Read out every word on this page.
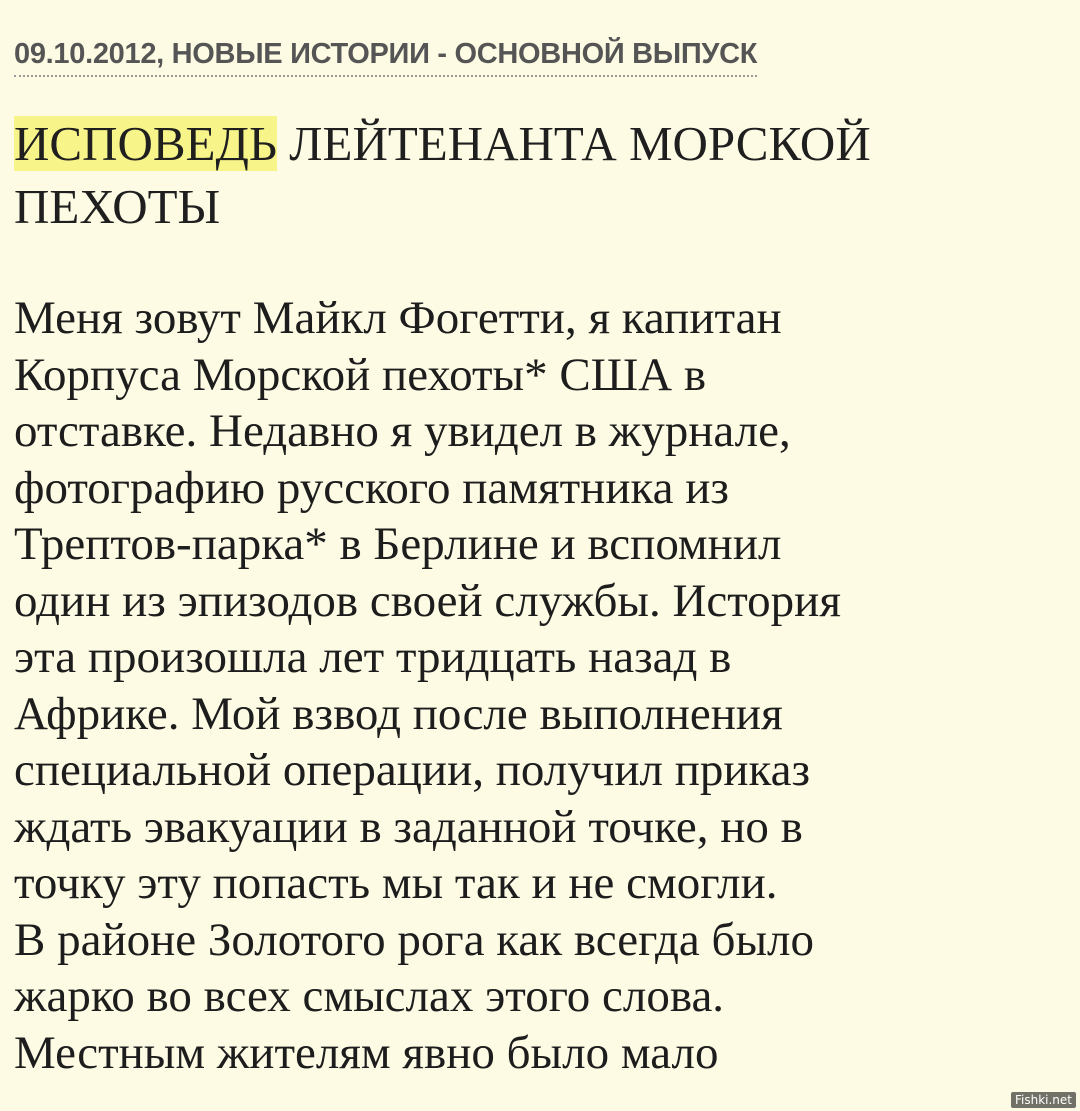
09.10.2012, НОВЫЕ ИСТОРИИ - ОСНОВНОЙ ВЫПУСК
ИСПОВЕДЬ ЛЕЙТЕНАНТА МОРСКОЙ
ПЕХОТЫ
Меня зовут Майкл Фогетти, я капитан
Корпуса Морской пехоты* США в
отставке. Недавно я увидел в журнале,
фотографию русского памятника из
Трептов-парка* в Берлине и вспомнил
один из эпизодов своей службы. История
эта произошла лет тридцать назад в
Африке. Мой взвод после выполнения
специальной операции, получил приказ
ждать эвакуации в заданной точке, но в
точку эту попасть мы так и не смогли.
В районе Золотого рога как всегда было
жарко во всех смыслах этого слова.
Местным жителям явно было мало
Fishki.net
